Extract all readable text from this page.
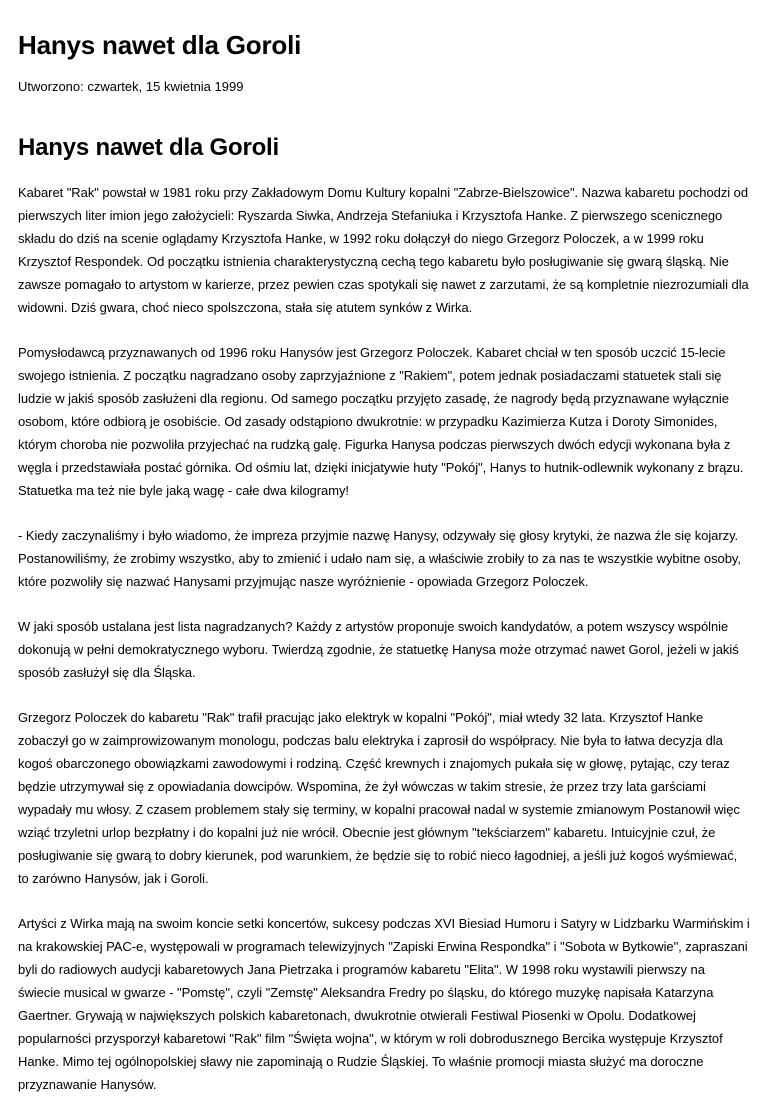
Hanys nawet dla Goroli
Utworzono: czwartek, 15 kwietnia 1999
Hanys nawet dla Goroli

Kabaret "Rak" powstał w 1981 roku przy Zakładowym Domu Kultury kopalni "Zabrze-Bielszowice". Nazwa kabaretu pochodzi od pierwszych liter imion jego założycieli: Ryszarda Siwka, Andrzeja Stefaniuka i Krzysztofa Hanke. Z pierwszego scenicznego składu do dziś na scenie oglądamy Krzysztofa Hanke, w 1992 roku dołączył do niego Grzegorz Poloczek, a w 1999 roku Krzysztof Respondek. Od początku istnienia charakterystyczną cechą tego kabaretu było posługiwanie się gwarą śląską. Nie zawsze pomagało to artystom w karierze, przez pewien czas spotykali się nawet z zarzutami, że są kompletnie niezrozumiali dla widowni. Dziś gwara, choć nieco spolszczona, stała się atutem synków z Wirka.

Pomysłodawcą przyznawanych od 1996 roku Hanysów jest Grzegorz Poloczek. Kabaret chciał w ten sposób uczcić 15-lecie swojego istnienia. Z początku nagradzano osoby zaprzyjaźnione z "Rakiem", potem jednak posiadaczami statuetek stali się ludzie w jakiś sposób zasłużeni dla regionu. Od samego początku przyjęto zasadę, że nagrody będą przyznawane wyłącznie osobom, które odbiorą je osobiście. Od zasady odstąpiono dwukrotnie: w przypadku Kazimierza Kutza i Doroty Simonides, którym choroba nie pozwoliła przyjechać na rudzką galę. Figurka Hanysa podczas pierwszych dwóch edycji wykonana była z węgla i przedstawiała postać górnika. Od ośmiu lat, dzięki inicjatywie huty "Pokój", Hanys to hutnik-odlewnik wykonany z brązu. Statuetka ma też nie byle jaką wagę - całe dwa kilogramy!

- Kiedy zaczynaliśmy i było wiadomo, że impreza przyjmie nazwę Hanysy, odzywały się głosy krytyki, że nazwa źle się kojarzy. Postanowiliśmy, że zrobimy wszystko, aby to zmienić i udało nam się, a właściwie zrobiły to za nas te wszystkie wybitne osoby, które pozwoliły się nazwać Hanysami przyjmując nasze wyróżnienie - opowiada Grzegorz Poloczek.

W jaki sposób ustalana jest lista nagradzanych? Każdy z artystów proponuje swoich kandydatów, a potem wszyscy wspólnie dokonują w pełni demokratycznego wyboru. Twierdzą zgodnie, że statuetkę Hanysa może otrzymać nawet Gorol, jeżeli w jakiś sposób zasłużył się dla Śląska.

Grzegorz Poloczek do kabaretu "Rak" trafił pracując jako elektryk w kopalni "Pokój", miał wtedy 32 lata. Krzysztof Hanke zobaczył go w zaimprowizowanym monologu, podczas balu elektryka i zaprosił do współpracy. Nie była to łatwa decyzja dla kogoś obarczonego obowiązkami zawodowymi i rodziną. Część krewnych i znajomych pukała się w głowę, pytając, czy teraz będzie utrzymywał się z opowiadania dowcipów. Wspomina, że żył wówczas w takim stresie, że przez trzy lata garściami wypadały mu włosy. Z czasem problemem stały się terminy, w kopalni pracował nadal w systemie zmianowym Postanowił więc wziąć trzyletni urlop bezpłatny i do kopalni już nie wrócił. Obecnie jest głównym "tekściarzem" kabaretu. Intuicyjnie czuł, że posługiwanie się gwarą to dobry kierunek, pod warunkiem, że będzie się to robić nieco łagodniej, a jeśli już kogoś wyśmiewać, to zarówno Hanysów, jak i Goroli.

Artyści z Wirka mają na swoim koncie setki koncertów, sukcesy podczas XVI Biesiad Humoru i Satyry w Lidzbarku Warmińskim i na krakowskiej PAC-e, występowali w programach telewizyjnych "Zapiski Erwina Respondka" i "Sobota w Bytkowie", zapraszani byli do radiowych audycji kabaretowych Jana Pietrzaka i programów kabaretu "Elita". W 1998 roku wystawili pierwszy na świecie musical w gwarze - "Pomstę", czyli "Zemstę" Aleksandra Fredry po śląsku, do którego muzykę napisała Katarzyna Gaertner. Grywają w największych polskich kabaretonach, dwukrotnie otwierali Festiwal Piosenki w Opolu. Dodatkowej popularności przysporzył kabaretowi "Rak" film "Święta wojna", w którym w roli dobrodusznego Bercika występuje Krzysztof Hanke. Mimo tej ogólnopolskiej sławy nie zapominają o Rudzie Śląskiej. To właśnie promocji miasta służyć ma doroczne przyznawanie Hanysów.
